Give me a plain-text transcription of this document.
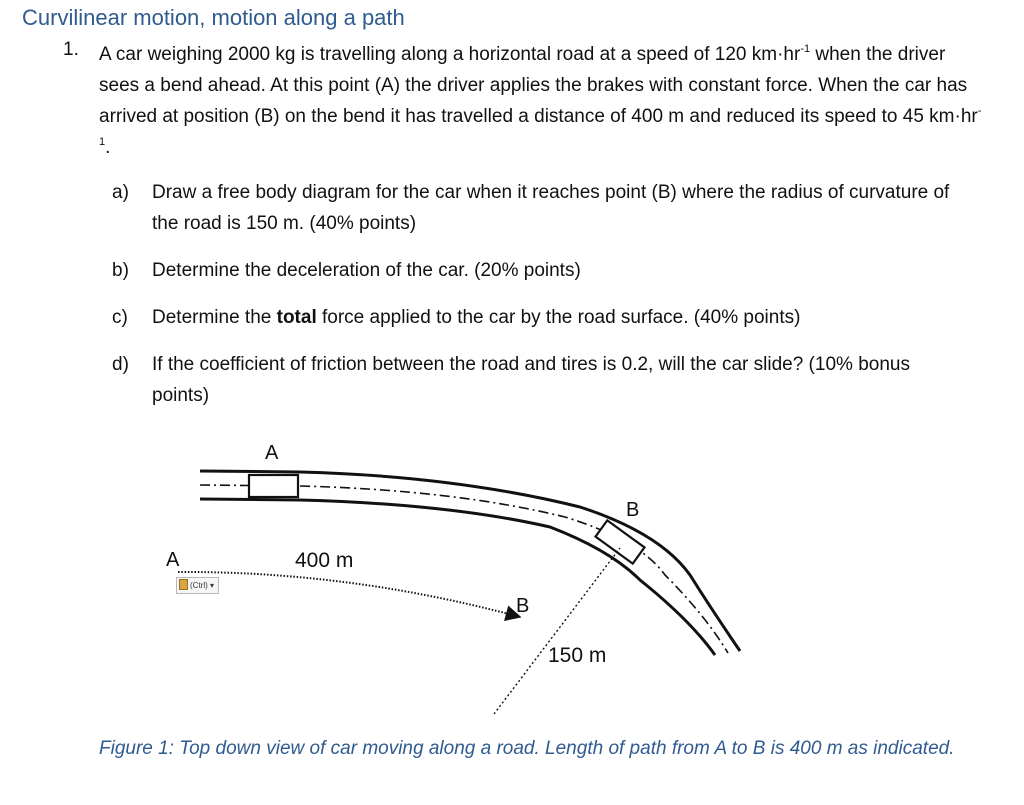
Curvilinear motion, motion along a path
1. A car weighing 2000 kg is travelling along a horizontal road at a speed of 120 $km\cdot hr^{-1}$ when the driver sees a bend ahead. At this point (A) the driver applies the brakes with constant force. When the car has arrived at position (B) on the bend it has travelled a distance of 400 m and reduced its speed to 45 $km\cdot hr^{-1}$.
a)	Draw a free body diagram for the car when it reaches point (B) where the radius of curvature of the road is 150 m. (40% points)
b)	Determine the deceleration of the car. (20% points)
c)	Determine the total force applied to the car by the road surface. (40% points)
d)	If the coefficient of friction between the road and tires is 0.2, will the car slide? (10% bonus points)
A
B
A	400 m
B
150 m
(Ctrl) ▾
Figure 1: Top down view of car moving along a road. Length of path from A to B is 400 m as indicated.
